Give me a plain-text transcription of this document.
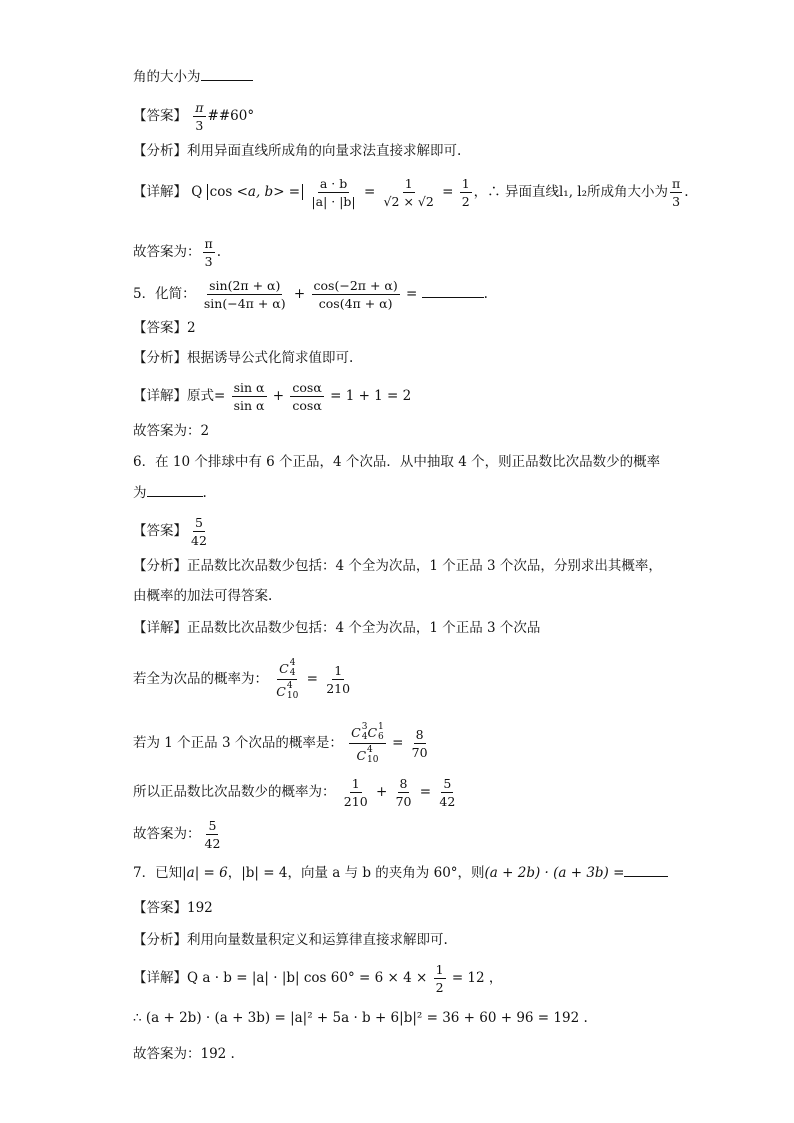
角的大小为
【答案】 $\frac{\pi}{3}$ ##60°
【分析】利用异面直线所成角的向量求法直接求解即可.
【详解】 Q cos <a, $b> = \frac{a \cdot b}{|a| \cdot |b|} = \frac{1}{√2 \times √2} = \frac{1}{2}$ ，∴ 异面直线l₁, l₂所成角大小为 $\frac{\pi}{3}$ .
故答案为： $\frac{\pi}{3}$ .
5．化简： $\frac{\sin(2\pi + \alpha)}{\sin(-4\pi + \alpha)} + \frac{\cos(-2\pi + \alpha)}{\cos(4\pi + \alpha)}$ =	.
【答案】2
【分析】根据诱导公式化简求值即可.
【详解】原式= $\frac{\text{sin α}}{\text{sin α}} + \frac{\cos\alpha}{\cos\alpha} = 1 + 1 = 2$
故答案为：2
6．在 10 个排球中有 6 个正品，4 个次品．从中抽取 4 个，则正品数比次品数少的概率
为	.
【答案】 $\frac{5}{42}$
【分析】正品数比次品数少包括：4 个全为次品，1 个正品 3 个次品，分别求出其概率，
由概率的加法可得答案.
【详解】正品数比次品数少包括：4 个全为次品，1 个正品 3 个次品
若全为次品的概率为： C 4
4
C 4
$10 = \frac{1}{210}$
若为 1 个正品 3 个次品的概率是： C 3
4 C 1
6
C 4
$10 = \frac{8}{70}$
所以正品数比次品数少的概率为： $\frac{1}{210} + \frac{8}{70} = \frac{5}{42}$
故答案为： $\frac{5}{42}$
7．已知|a| = 6，|b| = 4，向量 a 与 b 的夹角为 60°，则(a + 2b) · (a + 3b) =
【答案】192
【分析】利用向量数量积定义和运算律直接求解即可.
【详解】Q a · b = |a| · |b| $\cos 60^\circ = 6 \times 4 \times \frac{1}{2} = 12$ ，
∴ (a + 2b) · (a + 3b) = |a|² + 5a · b + 6|b|² = 36 + 60 + 96 = 192 .
故答案为：192 .
